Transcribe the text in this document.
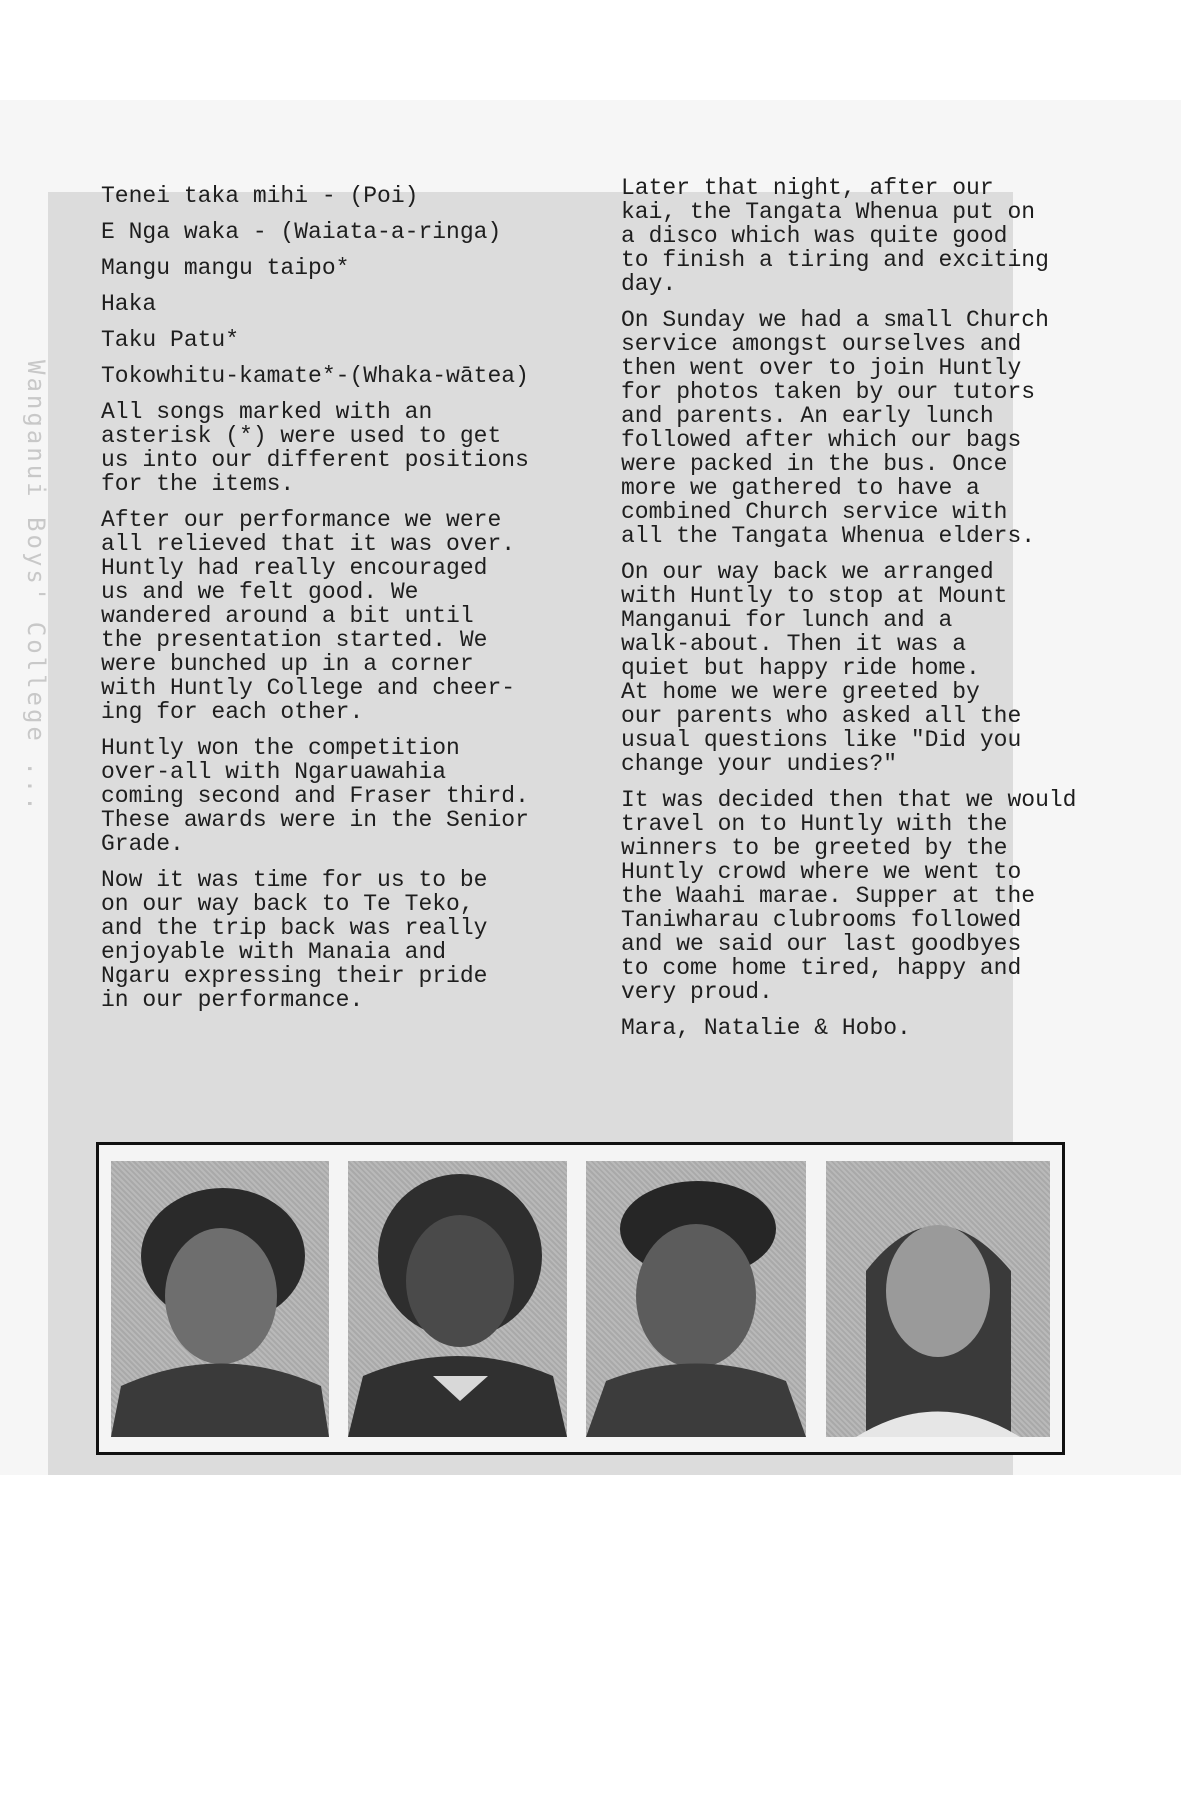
Wanganui Boys' College ...
Tenei taka mihi - (Poi)
E Nga waka - (Waiata-a-ringa)
Mangu mangu taipo*
Haka
Taku Patu*
Tokowhitu-kamate*-(Whaka-wātea)

All songs marked with an
asterisk (*) were used to get
us into our different positions
for the items.

After our performance we were
all relieved that it was over.
Huntly had really encouraged
us and we felt good. We
wandered around a bit until
the presentation started. We
were bunched up in a corner
with Huntly College and cheer-
ing for each other.

Huntly won the competition
over-all with Ngaruawahia
coming second and Fraser third.
These awards were in the Senior
Grade.

Now it was time for us to be
on our way back to Te Teko,
and the trip back was really
enjoyable with Manaia and
Ngaru expressing their pride
in our performance.

Later that night, after our
kai, the Tangata Whenua put on
a disco which was quite good
to finish a tiring and exciting
day.

On Sunday we had a small Church
service amongst ourselves and
then went over to join Huntly
for photos taken by our tutors
and parents. An early lunch
followed after which our bags
were packed in the bus. Once
more we gathered to have a
combined Church service with
all the Tangata Whenua elders.

On our way back we arranged
with Huntly to stop at Mount
Manganui for lunch and a
walk-about. Then it was a
quiet but happy ride home.
At home we were greeted by
our parents who asked all the
usual questions like "Did you
change your undies?"

It was decided then that we would
travel on to Huntly with the
winners to be greeted by the
Huntly crowd where we went to
the Waahi marae. Supper at the
Taniwharau clubrooms followed
and we said our last goodbyes
to come home tired, happy and
very proud.

Mara, Natalie & Hobo.
